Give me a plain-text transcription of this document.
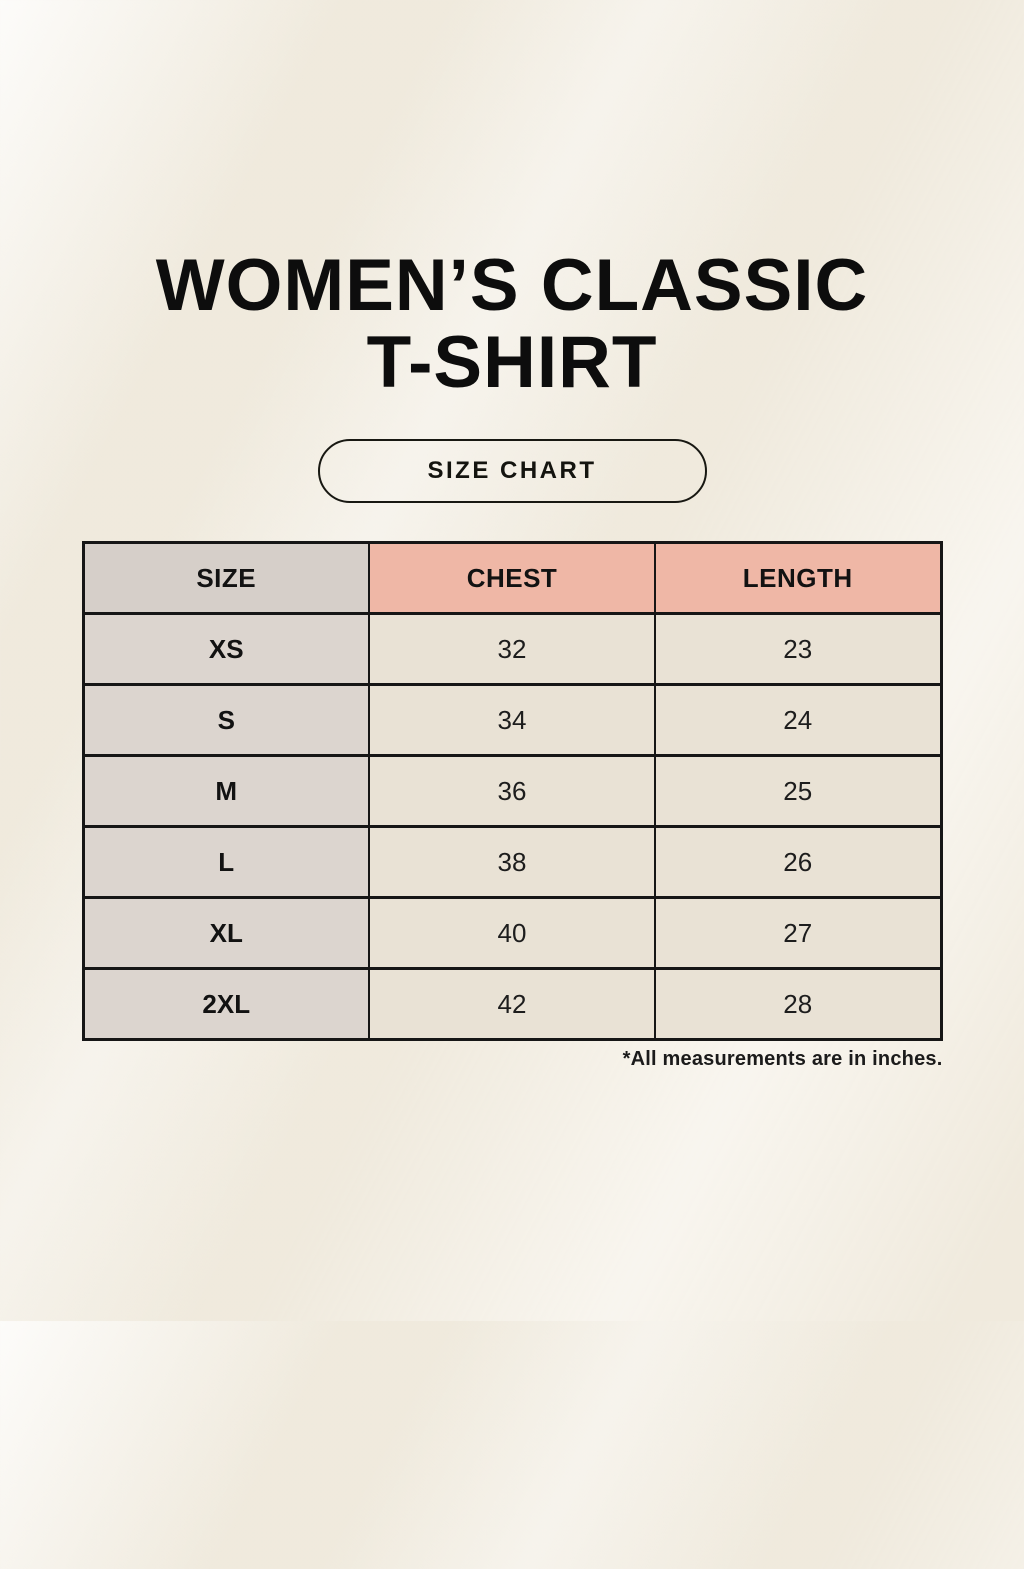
WOMEN’S CLASSIC
T-SHIRT
SIZE CHART
SIZE	CHEST	LENGTH
XS	32	23
S	34	24
M	36	25
L	38	26
XL	40	27
2XL	42	28

*All measurements are in inches.
